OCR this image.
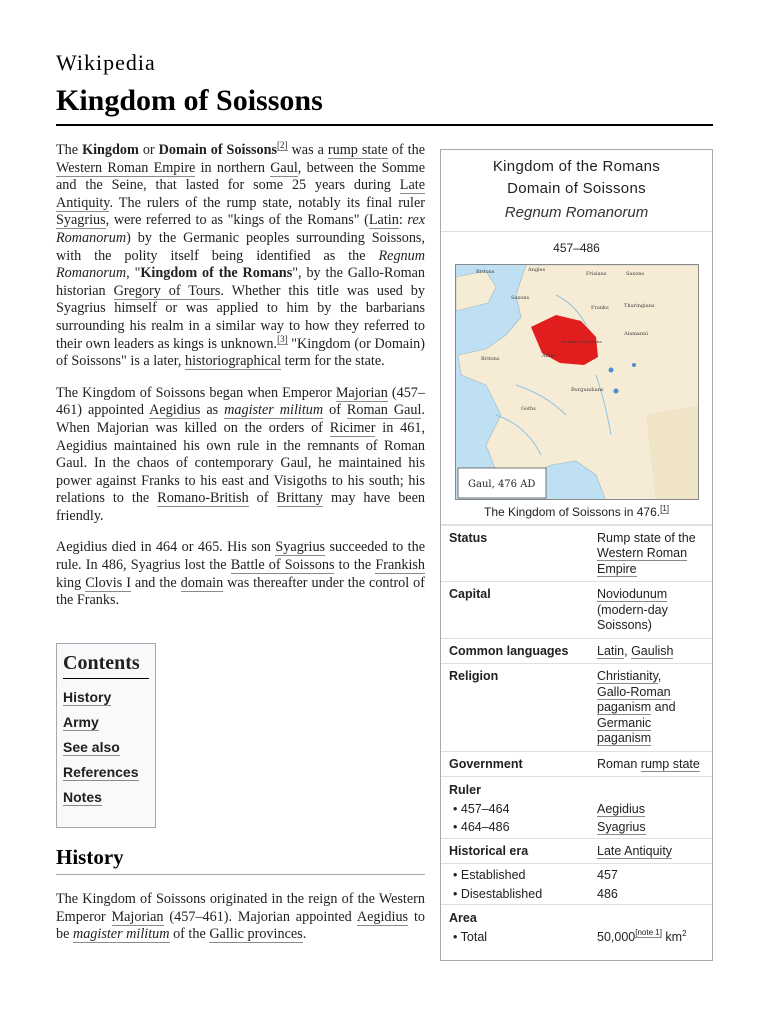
Wikipedia
Kingdom of Soissons

The Kingdom or Domain of Soissons[2] was a rump state of the Western Roman Empire in northern Gaul, between the Somme and the Seine, that lasted for some 25 years during Late Antiquity. The rulers of the rump state, notably its final ruler Syagrius, were referred to as "kings of the Romans" (Latin: rex Romanorum) by the Germanic peoples surrounding Soissons, with the polity itself being identified as the Regnum Romanorum, "Kingdom of the Romans", by the Gallo-Roman historian Gregory of Tours. Whether this title was used by Syagrius himself or was applied to him by the barbarians surrounding his realm in a similar way to how they referred to their own leaders as kings is unknown.[3] "Kingdom (or Domain) of Soissons" is a later, historiographical term for the state.

The Kingdom of Soissons began when Emperor Majorian (457–461) appointed Aegidius as magister militum of Roman Gaul. When Majorian was killed on the orders of Ricimer in 461, Aegidius maintained his own rule in the remnants of Roman Gaul. In the chaos of contemporary Gaul, he maintained his power against Franks to his east and Visigoths to his south; his relations to the Romano-British of Brittany may have been friendly.

Aegidius died in 464 or 465. His son Syagrius succeeded to the rule. In 486, Syagrius lost the Battle of Soissons to the Frankish king Clovis I and the domain was thereafter under the control of the Franks.

Contents
History
Army
See also
References
Notes
History

The Kingdom of Soissons originated in the reign of the Western Emperor Majorian (457–461). Majorian appointed Aegidius to be magister militum of the Gallic provinces.

Kingdom of the Romans
Domain of Soissons
Regnum Romanorum
457–486
Britons	Angles
Frisians	Saxons
Saxons
Thuringians
Franks
Alamanni
Domain of Soissons
Alans
Britons
Burgundians
Goths
Gaul, 476 AD
The Kingdom of Soissons in 476.[1]
Status	Rump state of the Western Roman Empire
Capital	Noviodunum
(modern-day Soissons)
Common languages	Latin, Gaulish
Religion	Christianity,
Gallo-Roman paganism and Germanic paganism
Government	Roman rump state
Ruler
• 457–464	Aegidius
• 464–486	Syagrius
Historical era	Late Antiquity
• Established	457
• Disestablished	486
Area
• Total	50,000[note 1] $km^2$
